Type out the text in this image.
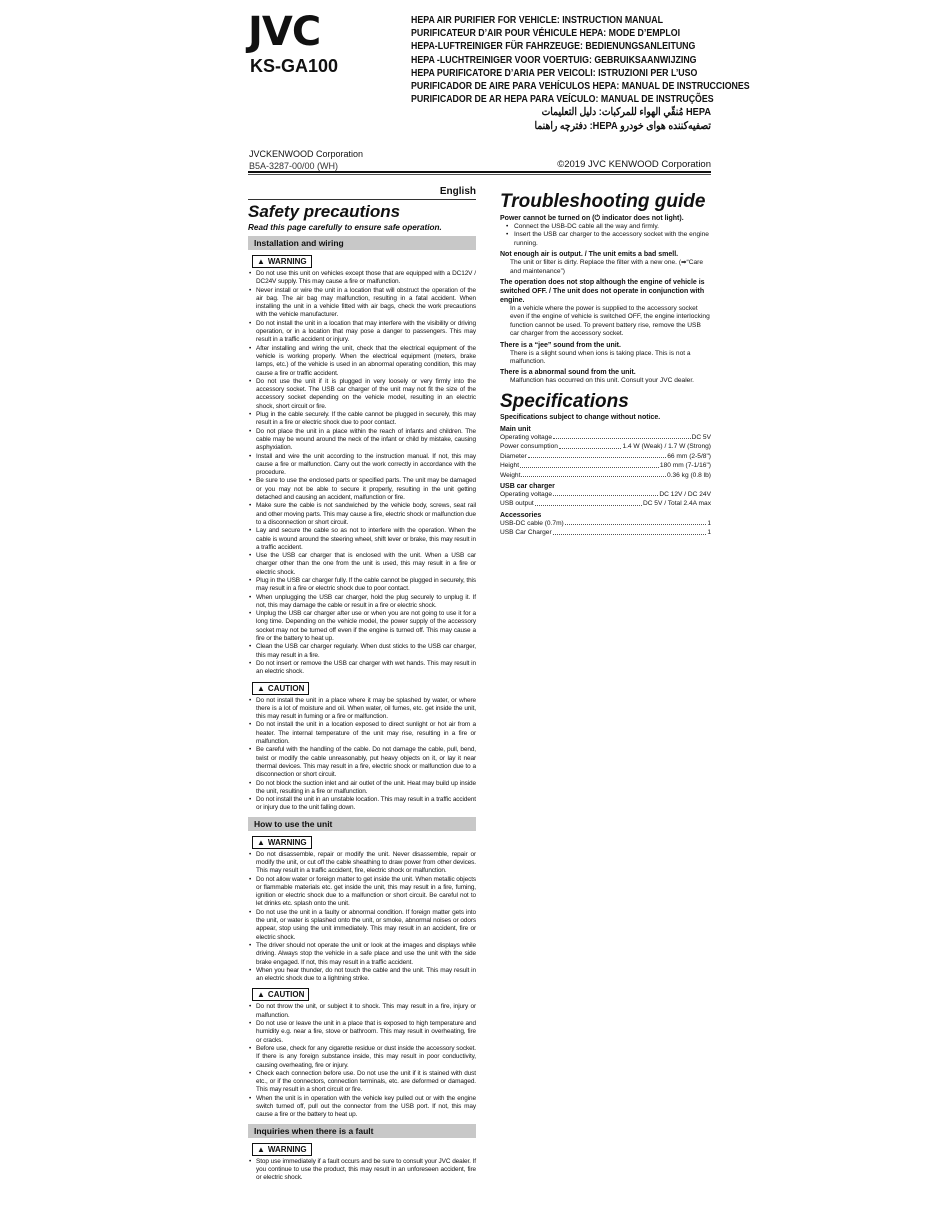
JVC
KS-GA100
HEPA AIR PURIFIER FOR VEHICLE: INSTRUCTION MANUAL
PURIFICATEUR D’AIR POUR VÉHICULE HEPA: MODE D’EMPLOI
HEPA-LUFTREINIGER FÜR FAHRZEUGE: BEDIENUNGSANLEITUNG
HEPA -LUCHTREINIGER VOOR VOERTUIG: GEBRUIKSAANWIJZING
HEPA PURIFICATORE D’ARIA PER VEICOLI: ISTRUZIONI PER L’USO
PURIFICADOR DE AIRE PARA VEHÍCULOS HEPA: MANUAL DE INSTRUCCIONES
PURIFICADOR DE AR HEPA PARA VEÍCULO: MANUAL DE INSTRUÇÕES
HEPA مُنقّي الهواء للمركبات: دليل التعليمات
تصفیه‌کننده هوای خودرو HEPA: دفترچه راهنما
JVCKENWOOD Corporation
B5A-3287-00/00 (WH)	©2019 JVC KENWOOD Corporation
English
Safety precautions
Read this page carefully to ensure safe operation.
Installation and wiring
▲ WARNING
• Do not use this unit on vehicles except those that are equipped with a DC12V / DC24V supply. This may cause a fire or malfunction.
• Never install or wire the unit in a location that will obstruct the operation of the air bag. The air bag may malfunction, resulting in a fatal accident. When installing the unit in a vehicle fitted with air bags, check the work precautions with the vehicle manufacturer.
• Do not install the unit in a location that may interfere with the visibility or driving operation, or in a location that may pose a danger to passengers. This may result in a traffic accident or injury.
• After installing and wiring the unit, check that the electrical equipment of the vehicle is working properly. When the electrical equipment (meters, brake lamps, etc.) of the vehicle is used in an abnormal operating condition, this may cause a fire or traffic accident.
• Do not use the unit if it is plugged in very loosely or very firmly into the accessory socket. The USB car charger of the unit may not fit the size of the accessory socket depending on the vehicle model, resulting in an electric shock, short circuit or fire.
• Plug in the cable securely. If the cable cannot be plugged in securely, this may result in a fire or electric shock due to poor contact.
• Do not place the unit in a place within the reach of infants and children. The cable may be wound around the neck of the infant or child by mistake, causing asphyxiation.
• Install and wire the unit according to the instruction manual. If not, this may cause a fire or malfunction. Carry out the work correctly in accordance with the procedure.
• Be sure to use the enclosed parts or specified parts. The unit may be damaged or you may not be able to secure it properly, resulting in the unit getting detached and causing an accident, malfunction or fire.
• Make sure the cable is not sandwiched by the vehicle body, screws, seat rail and other moving parts. This may cause a fire, electric shock or malfunction due to a disconnection or short circuit.
• Lay and secure the cable so as not to interfere with the operation. When the cable is wound around the steering wheel, shift lever or brake, this may result in a traffic accident.
• Use the USB car charger that is enclosed with the unit. When a USB car charger other than the one from the unit is used, this may result in a fire or electric shock.
• Plug in the USB car charger fully. If the cable cannot be plugged in securely, this may result in a fire or electric shock due to poor contact.
• When unplugging the USB car charger, hold the plug securely to unplug it. If not, this may damage the cable or result in a fire or electric shock.
• Unplug the USB car charger after use or when you are not going to use it for a long time. Depending on the vehicle model, the power supply of the accessory socket may not be turned off even if the engine is turned off. This may cause a fire or the battery to heat up.
• Clean the USB car charger regularly. When dust sticks to the USB car charger, this may result in a fire.
• Do not insert or remove the USB car charger with wet hands. This may result in an electric shock.
▲ CAUTION
• Do not install the unit in a place where it may be splashed by water, or where there is a lot of moisture and oil. When water, oil fumes, etc. get inside the unit, this may result in fuming or a fire or malfunction.
• Do not install the unit in a location exposed to direct sunlight or hot air from a heater. The internal temperature of the unit may rise, resulting in a fire or malfunction.
• Be careful with the handling of the cable. Do not damage the cable, pull, bend, twist or modify the cable unreasonably, put heavy objects on it, or lay it near thermal devices. This may result in a fire, electric shock or malfunction due to a disconnection or short circuit.
• Do not block the suction inlet and air outlet of the unit. Heat may build up inside the unit, resulting in a fire or malfunction.
• Do not install the unit in an unstable location. This may result in a traffic accident or injury due to the unit falling down.
How to use the unit
▲ WARNING
• Do not disassemble, repair or modify the unit. Never disassemble, repair or modify the unit, or cut off the cable sheathing to draw power from other devices. This may result in a traffic accident, fire, electric shock or malfunction.
• Do not allow water or foreign matter to get inside the unit. When metallic objects or flammable materials etc. get inside the unit, this may result in a fire, fuming, ignition or electric shock due to a malfunction or short circuit. Be careful not to let drinks etc. splash onto the unit.
• Do not use the unit in a faulty or abnormal condition. If foreign matter gets into the unit, or water is splashed onto the unit, or smoke, abnormal noises or odors appear, stop using the unit immediately. This may result in an accident, fire or electric shock.
• The driver should not operate the unit or look at the images and displays while driving. Always stop the vehicle in a safe place and use the unit with the side brake engaged. If not, this may result in a traffic accident.
• When you hear thunder, do not touch the cable and the unit. This may result in an electric shock due to a lightning strike.
▲ CAUTION
• Do not throw the unit, or subject it to shock. This may result in a fire, injury or malfunction.
• Do not use or leave the unit in a place that is exposed to high temperature and humidity e.g. near a fire, stove or bathroom. This may result in overheating, fire or cracks.
• Before use, check for any cigarette residue or dust inside the accessory socket. If there is any foreign substance inside, this may result in poor conductivity, causing overheating, fire or injury.
• Check each connection before use. Do not use the unit if it is stained with dust etc., or if the connectors, connection terminals, etc. are deformed or damaged. This may result in a short circuit or fire.
• When the unit is in operation with the vehicle key pulled out or with the engine switch turned off, pull out the connector from the USB port. If not, this may cause a fire or the battery to heat up.
Inquiries when there is a fault
▲ WARNING
• Stop use immediately if a fault occurs and be sure to consult your JVC dealer. If you continue to use the product, this may result in an unforeseen accident, fire or electric shock.
Troubleshooting guide
Power cannot be turned on (⏻ indicator does not light).
• Connect the USB-DC cable all the way and firmly.
• Insert the USB car charger to the accessory socket with the engine running.
Not enough air is output. / The unit emits a bad smell.
The unit or filter is dirty. Replace the filter with a new one. (➡“Care and maintenance”)
The operation does not stop although the engine of vehicle is switched OFF. / The unit does not operate in conjunction with engine.
In a vehicle where the power is supplied to the accessory socket even if the engine of vehicle is switched OFF, the engine interlocking function cannot be used. To prevent battery rise, remove the USB car charger from the accessory socket.
There is a “jee” sound from the unit.
There is a slight sound when ions is taking place. This is not a malfunction.
There is a abnormal sound from the unit.
Malfunction has occurred on this unit. Consult your JVC dealer.
Specifications
Specifications subject to change without notice.
Main unit
Operating voltage	DC 5V
Power consumption	1.4 W (Weak) / 1.7 W (Strong)
Diameter	66 mm (2-5/8")
Height	180 mm (7-1/16")
Weight	0.36 kg (0.8 lb)
USB car charger
Operating voltage	DC 12V / DC 24V
USB output	DC 5V / Total 2.4A max
Accessories
USB-DC cable (0.7m)	1
USB Car Charger	1
